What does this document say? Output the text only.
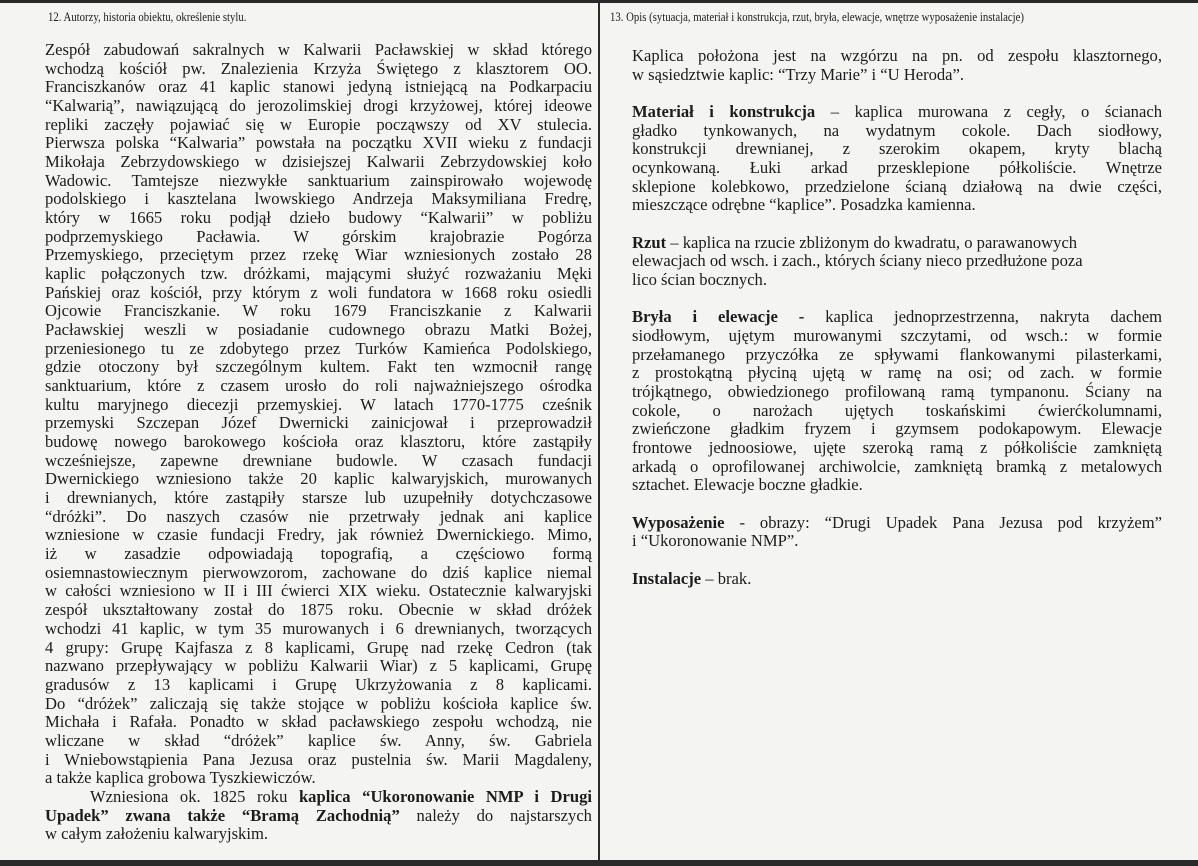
12. Autorzy, historia obiektu, określenie stylu.	13. Opis (sytuacja, materiał i konstrukcja, rzut, bryła, elewacje, wnętrze wyposażenie instalacje)
Zespół zabudowań sakralnych w Kalwarii Pacławskiej w skład którego
wchodzą kościół pw. Znalezienia Krzyża Świętego z klasztorem OO.
Franciszkanów oraz 41 kaplic stanowi jedyną istniejącą na Podkarpaciu
“Kalwarią”, nawiązującą do jerozolimskiej drogi krzyżowej, której ideowe
repliki zaczęły pojawiać się w Europie począwszy od XV stulecia.
Pierwsza polska “Kalwaria” powstała na początku XVII wieku z fundacji
Mikołaja Zebrzydowskiego w dzisiejszej Kalwarii Zebrzydowskiej koło
Wadowic. Tamtejsze niezwykłe sanktuarium zainspirowało wojewodę
podolskiego i kasztelana lwowskiego Andrzeja Maksymiliana Fredrę,
który w 1665 roku podjął dzieło budowy “Kalwarii” w pobliżu
podprzemyskiego Pacławia. W górskim krajobrazie Pogórza
Przemyskiego, przeciętym przez rzekę Wiar wzniesionych zostało 28
kaplic połączonych tzw. dróżkami, mającymi służyć rozważaniu Męki
Pańskiej oraz kościół, przy którym z woli fundatora w 1668 roku osiedli
Ojcowie Franciszkanie. W roku 1679 Franciszkanie z Kalwarii
Pacławskiej weszli w posiadanie cudownego obrazu Matki Bożej,
przeniesionego tu ze zdobytego przez Turków Kamieńca Podolskiego,
gdzie otoczony był szczególnym kultem. Fakt ten wzmocnił rangę
sanktuarium, które z czasem urosło do roli najważniejszego ośrodka
kultu maryjnego diecezji przemyskiej. W latach 1770-1775 cześnik
przemyski Szczepan Józef Dwernicki zainicjował i przeprowadził
budowę nowego barokowego kościoła oraz klasztoru, które zastąpiły
wcześniejsze, zapewne drewniane budowle. W czasach fundacji
Dwernickiego wzniesiono także 20 kaplic kalwaryjskich, murowanych
i drewnianych, które zastąpiły starsze lub uzupełniły dotychczasowe
“dróżki”. Do naszych czasów nie przetrwały jednak ani kaplice
wzniesione w czasie fundacji Fredry, jak również Dwernickiego. Mimo,
iż w zasadzie odpowiadają topografią, a częściowo formą
osiemnastowiecznym pierwowzorom, zachowane do dziś kaplice niemal
w całości wzniesiono w II i III ćwierci XIX wieku. Ostatecznie kalwaryjski
zespół ukształtowany został do 1875 roku. Obecnie w skład dróżek
wchodzi 41 kaplic, w tym 35 murowanych i 6 drewnianych, tworzących
4 grupy: Grupę Kajfasza z 8 kaplicami, Grupę nad rzekę Cedron (tak
nazwano przepływający w pobliżu Kalwarii Wiar) z 5 kaplicami, Grupę
gradusów z 13 kaplicami i Grupę Ukrzyżowania z 8 kaplicami.
Do “dróżek” zaliczają się także stojące w pobliżu kościoła kaplice św.
Michała i Rafała. Ponadto w skład pacławskiego zespołu wchodzą, nie
wliczane w skład “dróżek” kaplice św. Anny, św. Gabriela
i Wniebowstąpienia Pana Jezusa oraz pustelnia św. Marii Magdaleny,
a także kaplica grobowa Tyszkiewiczów.
Wzniesiona ok. 1825 roku kaplica “Ukoronowanie NMP i Drugi
Upadek” zwana także “Bramą Zachodnią” należy do najstarszych
w całym założeniu kalwaryjskim.
Kaplica położona jest na wzgórzu na pn. od zespołu klasztornego,
w sąsiedztwie kaplic: “Trzy Marie” i “U Heroda”.
Materiał i konstrukcja – kaplica murowana z cegły, o ścianach
gładko tynkowanych, na wydatnym cokole. Dach siodłowy,
konstrukcji drewnianej, z szerokim okapem, kryty blachą
ocynkowaną. Łuki arkad przesklepione półkoliście. Wnętrze
sklepione kolebkowo, przedzielone ścianą działową na dwie części,
mieszczące odrębne “kaplice”. Posadzka kamienna.
Rzut – kaplica na rzucie zbliżonym do kwadratu, o parawanowych
elewacjach od wsch. i zach., których ściany nieco przedłużone poza
lico ścian bocznych.
Bryła i elewacje - kaplica jednoprzestrzenna, nakryta dachem
siodłowym, ujętym murowanymi szczytami, od wsch.: w formie
przełamanego przyczółka ze spływami flankowanymi pilasterkami,
z prostokątną płyciną ujętą w ramę na osi; od zach. w formie
trójkątnego, obwiedzionego profilowaną ramą tympanonu. Ściany na
cokole, o narożach ujętych toskańskimi ćwierćkolumnami,
zwieńczone gładkim fryzem i gzymsem podokapowym. Elewacje
frontowe jednoosiowe, ujęte szeroką ramą z półkoliście zamkniętą
arkadą o oprofilowanej archiwolcie, zamkniętą bramką z metalowych
sztachet. Elewacje boczne gładkie.
Wyposażenie - obrazy: “Drugi Upadek Pana Jezusa pod krzyżem”
i “Ukoronowanie NMP”.
Instalacje – brak.
